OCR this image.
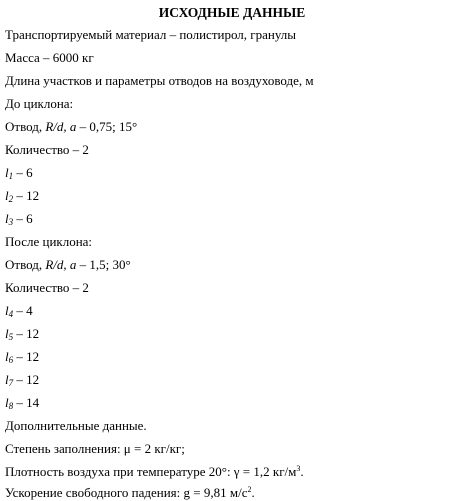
ИСХОДНЫЕ ДАННЫЕ
Транспортируемый материал – полистирол, гранулы
Масса – 6000 кг
Длина участков и параметры отводов на воздуховоде, м
До циклона:
Отвод, R/d, a – 0,75; 15°
Количество – 2
$l_1 - 6$
$l_2 - 12$
$l_3 - 6$
После циклона:
Отвод, R/d, a – 1,5; 30°
Количество – 2
$l_4 - 4$
$l_5 - 12$
$l_6 - 12$
$l_7 - 12$
$l_8 - 14$
Дополнительные данные.
Степень заполнения: μ = 2 кг/кг;
Плотность воздуха при температуре 20°: γ = 1,2 $кг/м^3$.
Ускорение свободного падения: g = 9,81 $м/с^2$.
